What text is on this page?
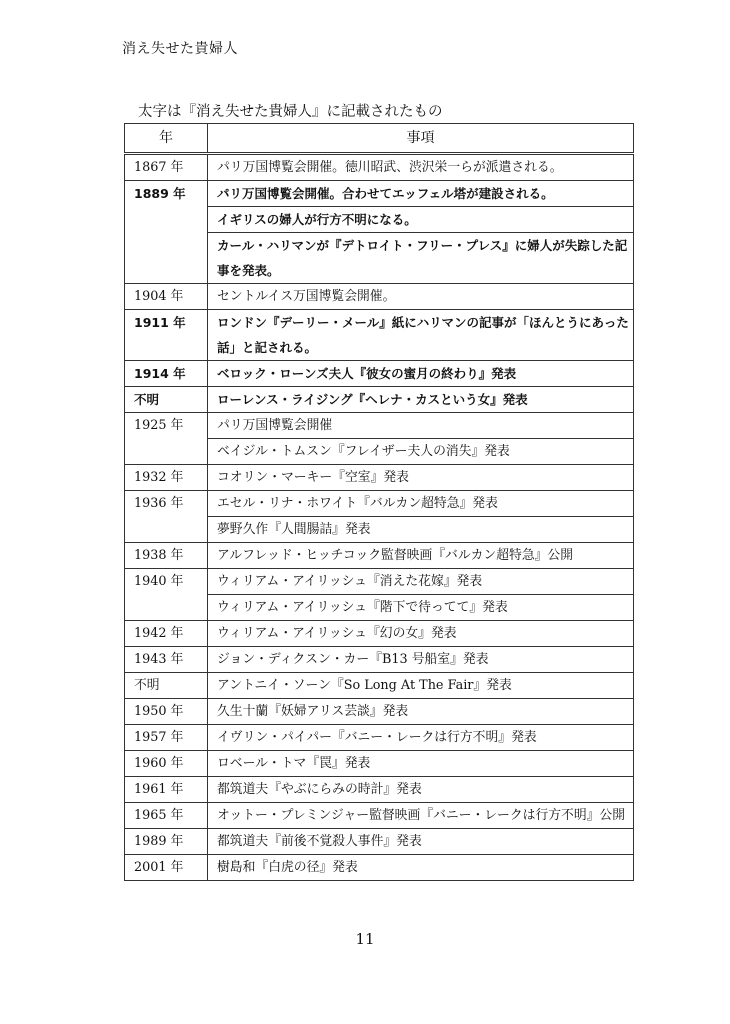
消え失せた貴婦人
太字は『消え失せた貴婦人』に記載されたもの
年	事項
1867 年	パリ万国博覧会開催。徳川昭武、渋沢栄一らが派遣される。
1889 年	パリ万国博覧会開催。合わせてエッフェル塔が建設される。
	イギリスの婦人が行方不明になる。
	カール・ハリマンが『デトロイト・フリー・プレス』に婦人が失踪した記事を発表。
1904 年	セントルイス万国博覧会開催。
1911 年	ロンドン『デーリー・メール』紙にハリマンの記事が「ほんとうにあった話」と記される。
1914 年	ベロック・ローンズ夫人『彼女の蜜月の終わり』発表
不明	ローレンス・ライジング『ヘレナ・カスという女』発表
1925 年	パリ万国博覧会開催
	ベイジル・トムスン『フレイザー夫人の消失』発表
1932 年	コオリン・マーキー『空室』発表
1936 年	エセル・リナ・ホワイト『バルカン超特急』発表
	夢野久作『人間腸詰』発表
1938 年	アルフレッド・ヒッチコック監督映画『バルカン超特急』公開
1940 年	ウィリアム・アイリッシュ『消えた花嫁』発表
	ウィリアム・アイリッシュ『階下で待ってて』発表
1942 年	ウィリアム・アイリッシュ『幻の女』発表
1943 年	ジョン・ディクスン・カー『B13 号船室』発表
不明	アントニイ・ソーン『So Long At The Fair』発表
1950 年	久生十蘭『妖婦アリス芸談』発表
1957 年	イヴリン・パイパー『バニー・レークは行方不明』発表
1960 年	ロベール・トマ『罠』発表
1961 年	都筑道夫『やぶにらみの時計』発表
1965 年	オットー・プレミンジャー監督映画『バニー・レークは行方不明』公開
1989 年	都筑道夫『前後不覚殺人事件』発表
2001 年	樹島和『白虎の径』発表
11
